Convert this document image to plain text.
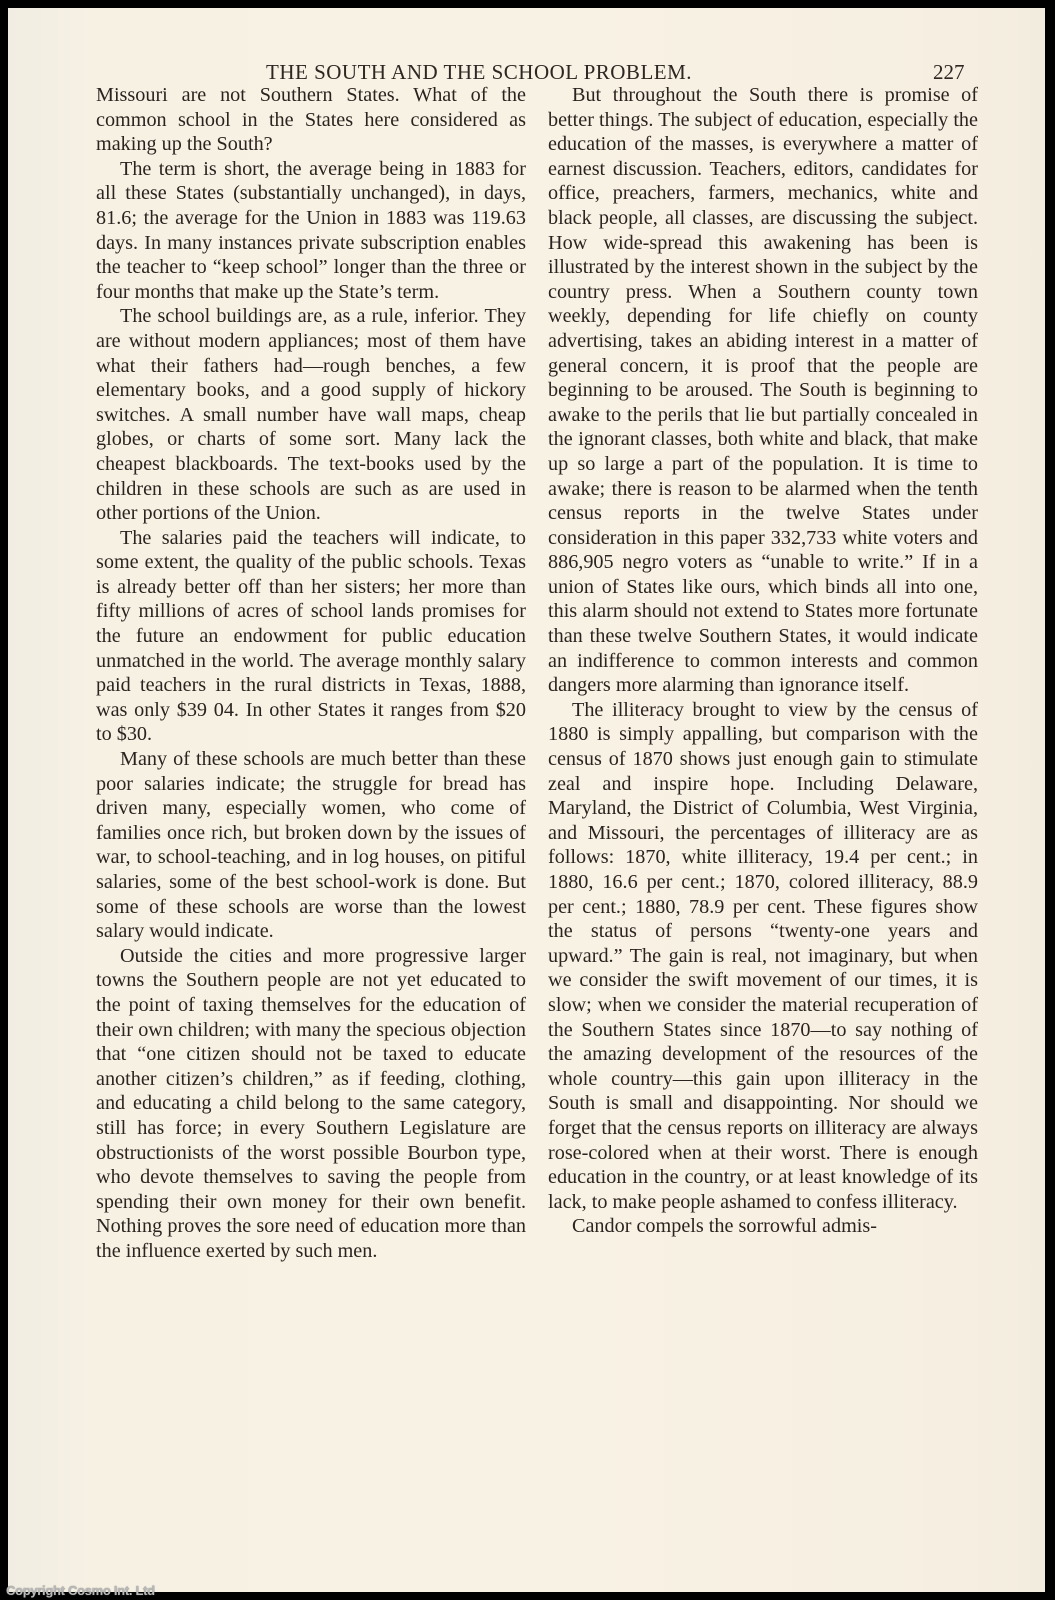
THE SOUTH AND THE SCHOOL PROBLEM.	227

Missouri are not Southern States. What of the common school in the States here considered as making up the South?

The term is short, the average being in 1883 for all these States (substantially unchanged), in days, 81.6; the average for the Union in 1883 was 119.63 days. In many instances private subscription enables the teacher to “keep school” longer than the three or four months that make up the State’s term.

The school buildings are, as a rule, inferior. They are without modern appliances; most of them have what their fathers had—rough benches, a few elementary books, and a good supply of hickory switches. A small number have wall maps, cheap globes, or charts of some sort. Many lack the cheapest blackboards. The text-books used by the children in these schools are such as are used in other portions of the Union.

The salaries paid the teachers will indicate, to some extent, the quality of the public schools. Texas is already better off than her sisters; her more than fifty millions of acres of school lands promises for the future an endowment for public education unmatched in the world. The average monthly salary paid teachers in the rural districts in Texas, 1888, was only $39 04. In other States it ranges from $20 to $30.

Many of these schools are much better than these poor salaries indicate; the struggle for bread has driven many, especially women, who come of families once rich, but broken down by the issues of war, to school-teaching, and in log houses, on pitiful salaries, some of the best school-work is done. But some of these schools are worse than the lowest salary would indicate.

Outside the cities and more progressive larger towns the Southern people are not yet educated to the point of taxing themselves for the education of their own children; with many the specious objection that “one citizen should not be taxed to educate another citizen’s children,” as if feeding, clothing, and educating a child belong to the same category, still has force; in every Southern Legislature are obstructionists of the worst possible Bourbon type, who devote themselves to saving the people from spending their own money for their own benefit. Nothing proves the sore need of education more than the influence exerted by such men.

But throughout the South there is promise of better things. The subject of education, especially the education of the masses, is everywhere a matter of earnest discussion. Teachers, editors, candidates for office, preachers, farmers, mechanics, white and black people, all classes, are discussing the subject. How wide-spread this awakening has been is illustrated by the interest shown in the subject by the country press. When a Southern county town weekly, depending for life chiefly on county advertising, takes an abiding interest in a matter of general concern, it is proof that the people are beginning to be aroused. The South is beginning to awake to the perils that lie but partially concealed in the ignorant classes, both white and black, that make up so large a part of the population. It is time to awake; there is reason to be alarmed when the tenth census reports in the twelve States under consideration in this paper 332,733 white voters and 886,905 negro voters as “unable to write.” If in a union of States like ours, which binds all into one, this alarm should not extend to States more fortunate than these twelve Southern States, it would indicate an indifference to common interests and common dangers more alarming than ignorance itself.

The illiteracy brought to view by the census of 1880 is simply appalling, but comparison with the census of 1870 shows just enough gain to stimulate zeal and inspire hope. Including Delaware, Maryland, the District of Columbia, West Virginia, and Missouri, the percentages of illiteracy are as follows: 1870, white illiteracy, 19.4 per cent.; in 1880, 16.6 per cent.; 1870, colored illiteracy, 88.9 per cent.; 1880, 78.9 per cent. These figures show the status of persons “twenty-one years and upward.” The gain is real, not imaginary, but when we consider the swift movement of our times, it is slow; when we consider the material recuperation of the Southern States since 1870—to say nothing of the amazing development of the resources of the whole country—this gain upon illiteracy in the South is small and disappointing. Nor should we forget that the census reports on illiteracy are always rose-colored when at their worst. There is enough education in the country, or at least knowledge of its lack, to make people ashamed to confess illiteracy.

Candor compels the sorrowful admis-

Copyright Cosmo Int. Ltd
